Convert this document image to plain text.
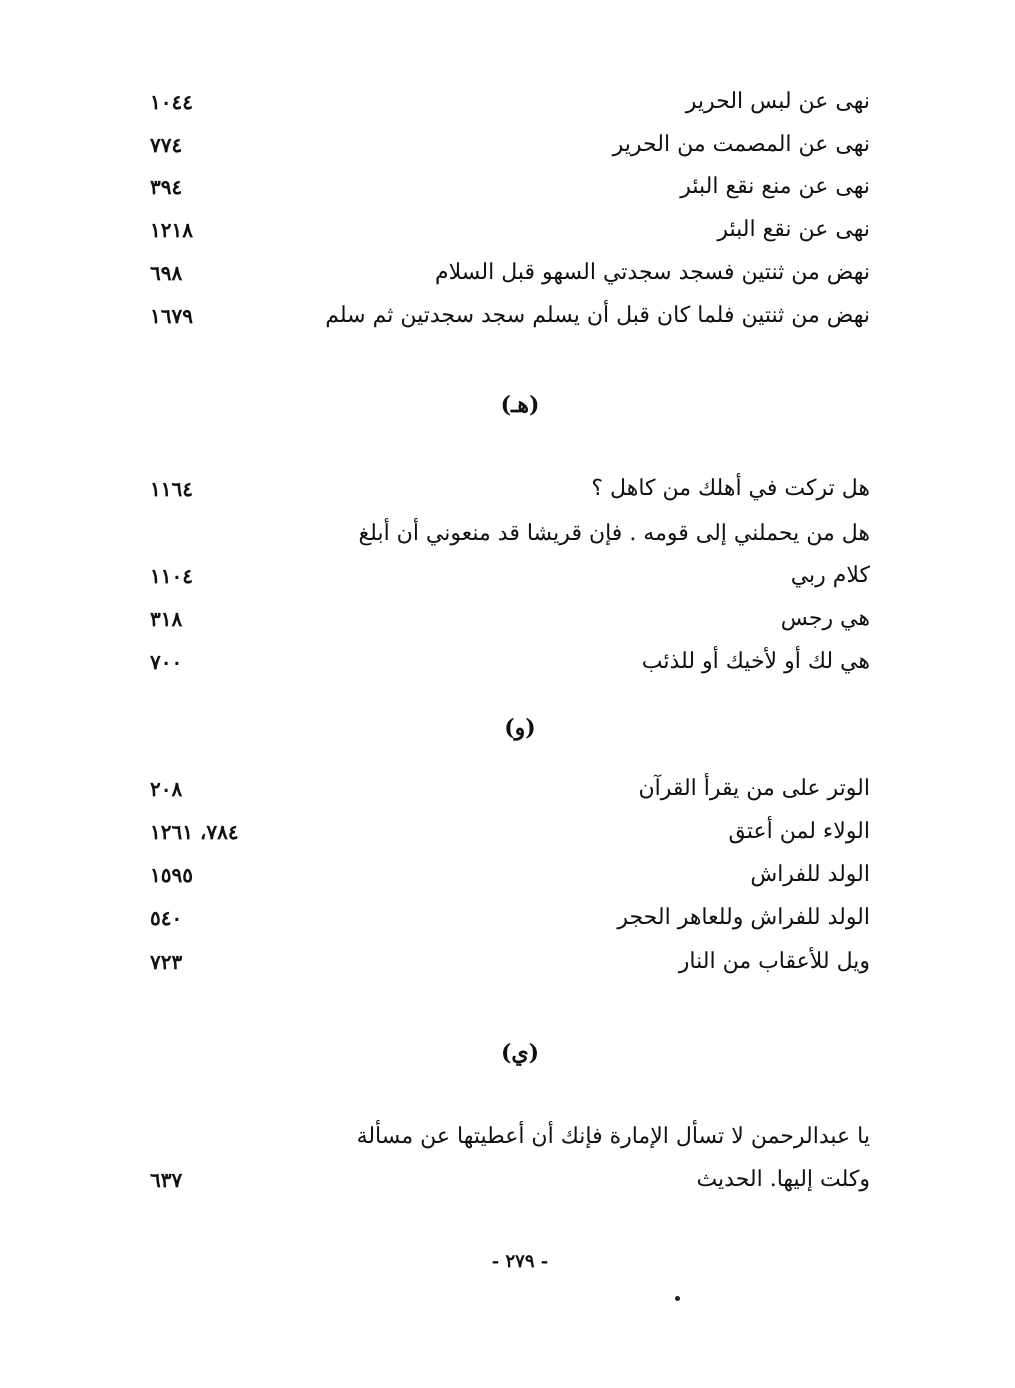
نهى عن لبس الحرير
١٠٤٤
نهى عن المصمت من الحرير
٧٧٤
نهى عن منع نقع البئر
٣٩٤
نهى عن نقع البئر
١٢١٨
نهض من ثنتين فسجد سجدتي السهو قبل السلام
٦٩٨
نهض من ثنتين فلما كان قبل أن يسلم سجد سجدتين ثم سلم
١٦٧٩
(هـ)
هل تركت في أهلك من كاهل ؟
١١٦٤
هل من يحملني إلى قومه . فإن قريشا قد منعوني أن أبلغ
كلام ربي
١١٠٤
هي رجس
٣١٨
هي لك أو لأخيك أو للذئب
٧٠٠
(و)
الوتر على من يقرأ القرآن
٢٠٨
الولاء لمن أعتق
٧٨٤، ١٢٦١
الولد للفراش
١٥٩٥
الولد للفراش وللعاهر الحجر
٥٤٠
ويل للأعقاب من النار
٧٢٣
(ي)
يا عبدالرحمن لا تسأل الإمارة فإنك أن أعطيتها عن مسألة
وكلت إليها. الحديث
٦٣٧
- ٢٧٩ -
